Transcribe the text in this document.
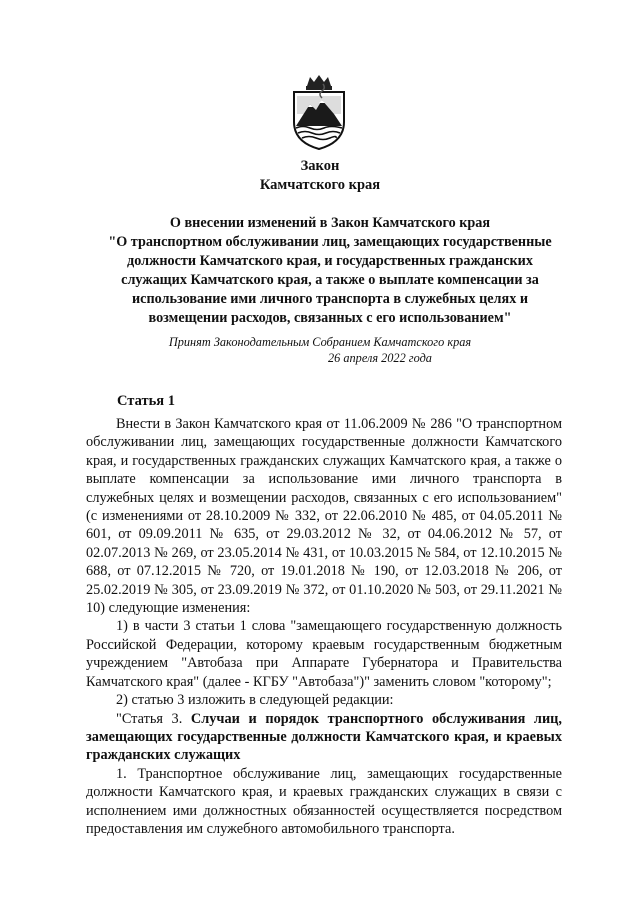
Закон
Камчатского края
О внесении изменений в Закон Камчатского края
"О транспортном обслуживании лиц, замещающих государственные должности Камчатского края, и государственных гражданских служащих Камчатского края, а также о выплате компенсации за использование ими личного транспорта в служебных целях и возмещении расходов, связанных с его использованием"
Принят Законодательным Собранием Камчатского края
26 апреля 2022 года
Статья 1

Внести в Закон Камчатского края от 11.06.2009 № 286 "О транспортном обслуживании лиц, замещающих государственные должности Камчатского края, и государственных гражданских служащих Камчатского края, а также о выплате компенсации за использование ими личного транспорта в служебных целях и возмещении расходов, связанных с его использованием" (с изменениями от 28.10.2009 № 332, от 22.06.2010 № 485, от 04.05.2011 № 601, от 09.09.2011 № 635, от 29.03.2012 № 32, от 04.06.2012 № 57, от 02.07.2013 № 269, от 23.05.2014 № 431, от 10.03.2015 № 584, от 12.10.2015 № 688, от 07.12.2015 № 720, от 19.01.2018 № 190, от 12.03.2018 № 206, от 25.02.2019 № 305, от 23.09.2019 № 372, от 01.10.2020 № 503, от 29.11.2021 № 10) следующие изменения:

1) в части 3 статьи 1 слова "замещающего государственную должность Российской Федерации, которому краевым государственным бюджетным учреждением "Автобаза при Аппарате Губернатора и Правительства Камчатского края" (далее - КГБУ "Автобаза")" заменить словом "которому";

2) статью 3 изложить в следующей редакции:

"Статья 3. Случаи и порядок транспортного обслуживания лиц, замещающих государственные должности Камчатского края, и краевых гражданских служащих

1. Транспортное обслуживание лиц, замещающих государственные должности Камчатского края, и краевых гражданских служащих в связи с исполнением ими должностных обязанностей осуществляется посредством предоставления им служебного автомобильного транспорта.
